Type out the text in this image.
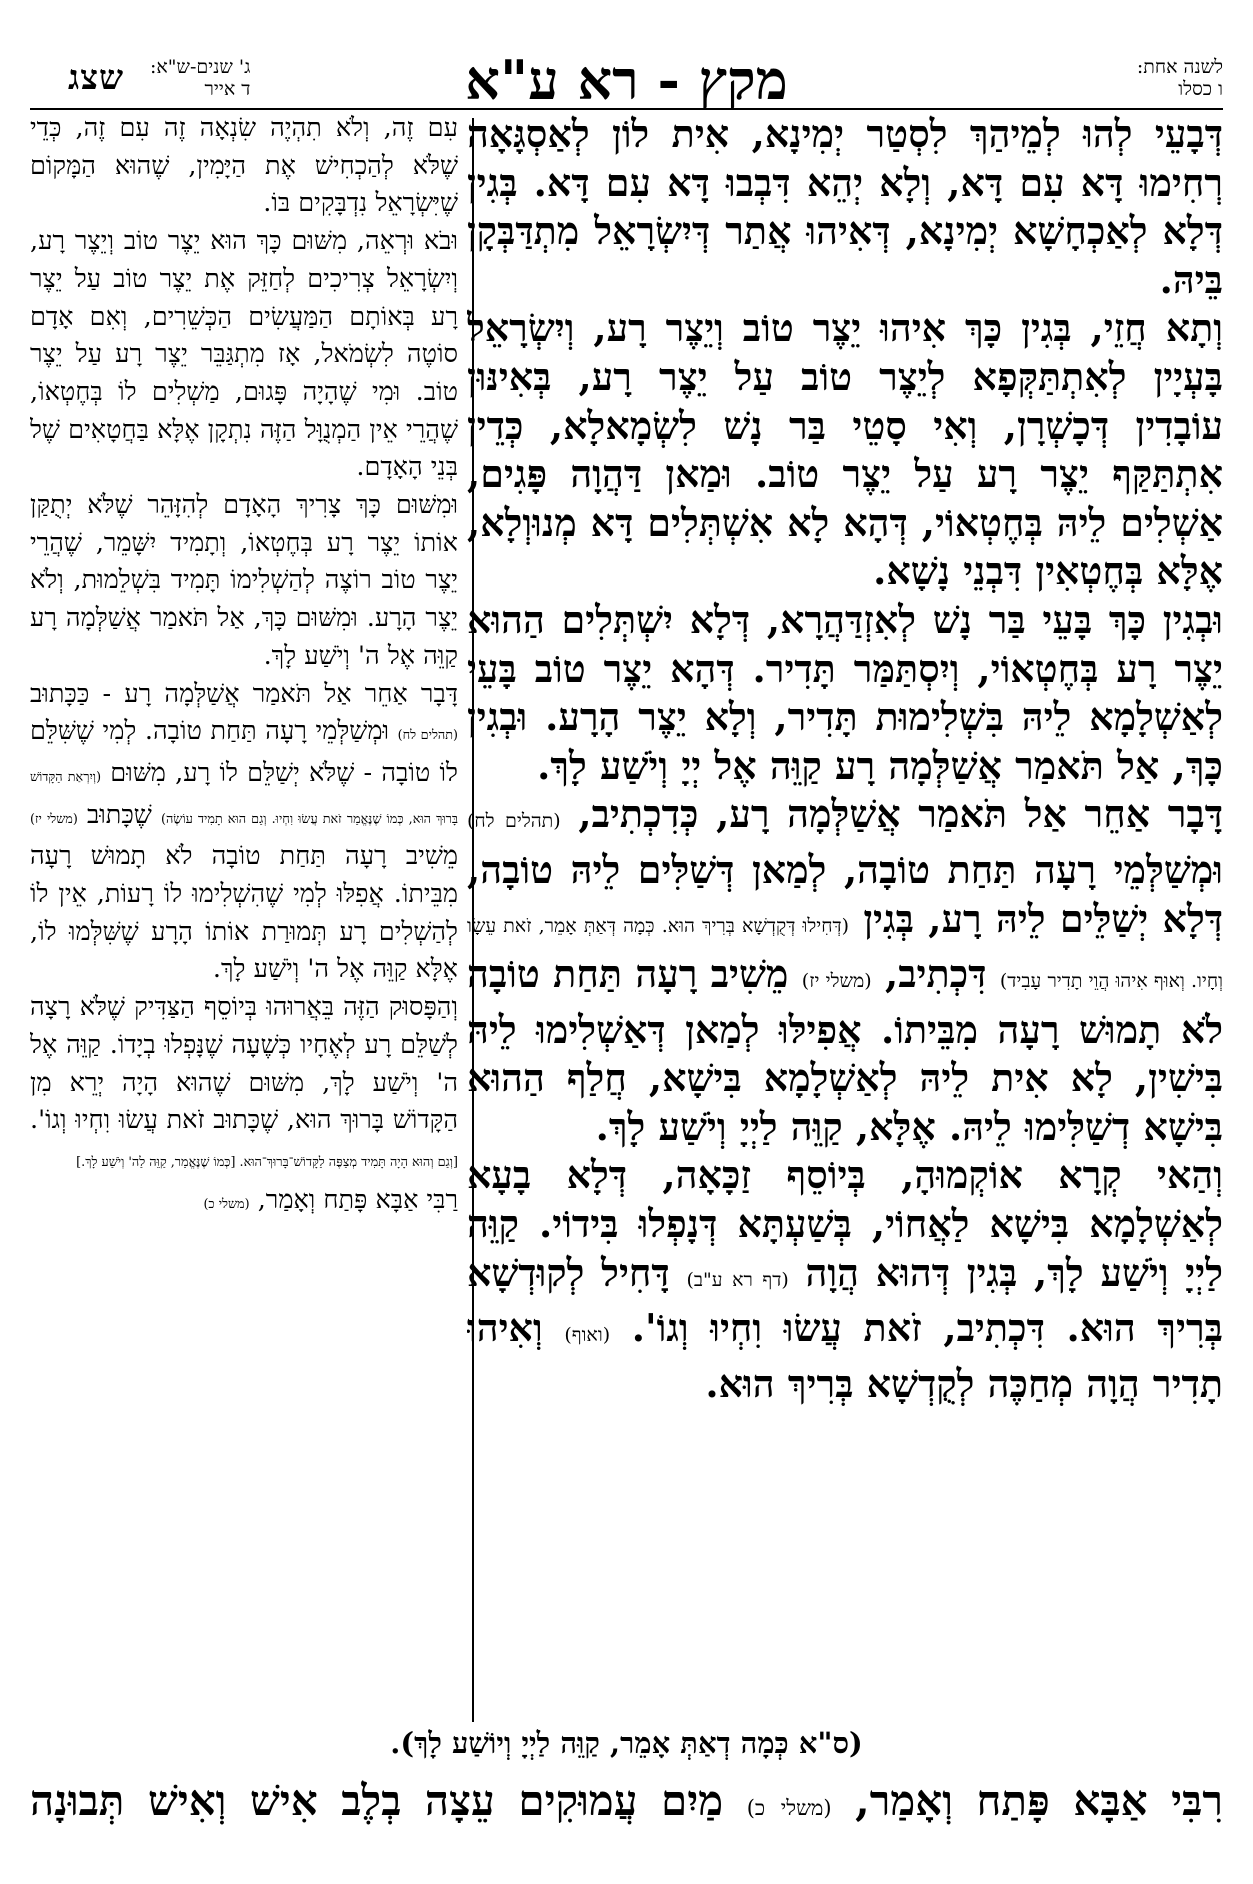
לשנה אחת:
ו כסלו
מקץ - רא ע"א
ג' שנים-ש"א:
ד אייר
שצג

דְּבָעֵי לְהוּ לְמֵיהַךְ לִסְטַר יְמִינָא, אִית לוֹן לְאַסְגָּאָה רְחִימוּ דָּא עִם דָּא, וְלָא יְהֵא דִּבְבוּ דָּא עִם דָּא. בְּגִין דְּלָא לְאַכְחָשָׁא יְמִינָא, דְּאִיהוּ אֲתַר דְּיִשְׂרָאֵל מִתְדַּבְּקָן בֵּיהּ.

וְתָא חֲזֵי, בְּגִין כָּךְ אִיהוּ יֵצֶר טוֹב וְיֵצֶר רָע, וְיִשְׂרָאֵל בָּעְיָין לְאִתְתַּקְּפָא לְיֵצֶר טוֹב עַל יֵצֶר רָע, בְּאִינּוּן עוֹבָדִין דְּכָשְׁרָן, וְאִי סָטֵי בַּר נָשׁ לִשְׂמָאלָא, כְּדֵין אִתְתַּקַּף יֵצֶר רָע עַל יֵצֶר טוֹב. וּמַאן דַּהֲוָה פָּגִים, אַשְׁלִים לֵיהּ בְּחֶטְאוֹי, דְּהָא לָא אִשְׁתְּלִים דָּא מְנוּוְלָא, אֶלָּא בְּחֶטְאִין דִּבְנֵי נָשָׁא.

וּבְגִין כָּךְ בָּעֵי בַּר נָשׁ לְאִזְדַּהֲרָא, דְּלָא יִשְׁתְּלִים הַהוּא יֵצֶר רָע בְּחֶטְאוֹי, וְיִסְתַּמַּר תָּדִיר. דְּהָא יֵצֶר טוֹב בָּעֵי לְאַשְׁלָמָא לֵיהּ בִּשְׁלִימוּת תָּדִיר, וְלָא יֵצֶר הָרָע. וּבְגִין כָּךְ, אַל תֹּאמַר אֲשַׁלְּמָה רָע קַוֵּה אֶל יְיָ וְיֹשַׁע לָךְ.

דָּבָר אַחֵר אַל תֹּאמַר אֲשַׁלְּמָה רָע, כְּדִכְתִיב, (תהלים לח) וּמְשַׁלְּמֵי רָעָה תַּחַת טוֹבָה, לְמַאן דְּשַׁלִּים לֵיהּ טוֹבָה, דְּלָא יְשַׁלֵּים לֵיהּ רָע, בְּגִין (דְּחִילוּ דְּקֻדְשָׁא בְּרִיךְ הוּא. כְּמָה דְּאַתְּ אָמֵר, זֹאת עֵשָׂו וְחָיו. וְאוּף אִיהוּ הֲוֵי תָדִיר עָבִיד) דִּכְתִיב, (משלי יז) מֵשִׁיב רָעָה תַּחַת טוֹבָה לֹא תָמוּשׁ רָעָה מִבֵּיתוֹ. אֲפִילּוּ לְמַאן דְּאַשְׁלִימוּ לֵיהּ בִּישִׁין, לָא אִית לֵיהּ לְאַשְׁלָמָא בִּישָׁא, חֲלַף הַהוּא בִּישָׁא דְשַׁלִּימוּ לֵיהּ. אֶלָּא, קַוֵּה לַיְיָ וְיֹשַׁע לָךְ.

וְהַאי קְרָא אוֹקְמוּהָ, בְּיוֹסֵף זַכָּאָה, דְּלָא בָעָא לְאַשְׁלָמָא בִּישָׁא לַאֲחוֹי, בְּשַׁעְתָּא דְּנָפְלוּ בִּידוֹי. קַוֵּה לַיְיָ וְיֹשַׁע לָךְ, בְּגִין דְּהוּא הֲוָה (דף רא ע"ב) דָּחִיל לְקוּדְשָׁא בְּרִיךְ הוּא. דִּכְתִיב, זֹאת עֲשׂוּ וִחְיוּ וְגוֹ'. (ואוף) וְאִיהוּ תָדִיר הֲוָה מְחַכֶּה לְקֻדְשָׁא בְּרִיךְ הוּא.

עִם זֶה, וְלֹא תִהְיֶה שִׂנְאָה זֶה עִם זֶה, כְּדֵי שֶׁלֹּא לְהַכְחִישׁ אֶת הַיָּמִין, שֶׁהוּא הַמָּקוֹם שֶׁיִּשְׂרָאֵל נִדְבָּקִים בּוֹ.

וּבֹא וּרְאֵה, מִשּׁוּם כָּךְ הוּא יֵצֶר טוֹב וְיֵצֶר רָע, וְיִשְׂרָאֵל צְרִיכִים לְחַזֵּק אֶת יֵצֶר טוֹב עַל יֵצֶר רָע בְּאוֹתָם הַמַּעֲשִׂים הַכְּשֵׁרִים, וְאִם אָדָם סוֹטֶה לִשְׂמֹאל, אָז מִתְגַּבֵּר יֵצֶר רָע עַל יֵצֶר טוֹב. וּמִי שֶׁהָיָה פָּגוּם, מַשְׁלִים לוֹ בְּחֶטְאוֹ, שֶׁהֲרֵי אֵין הַמְנֻוָּל הַזֶּה נִתְקָן אֶלָּא בַּחֲטָאִים שֶׁל בְּנֵי הָאָדָם.

וּמִשּׁוּם כָּךְ צָרִיךְ הָאָדָם לְהִזָּהֵר שֶׁלֹּא יְתֻקַּן אוֹתוֹ יֵצֶר רָע בְּחֶטְאוֹ, וְתָמִיד יִשָּׁמֵר, שֶׁהֲרֵי יֵצֶר טוֹב רוֹצֶה לְהַשְׁלִימוֹ תָּמִיד בִּשְׁלֵמוּת, וְלֹא יֵצֶר הָרָע. וּמִשּׁוּם כָּךְ, אַל תֹּאמַר אֲשַׁלְּמָה רָע קַוֵּה אֶל ה' וְיֹשַׁע לָךְ.

דָּבָר אַחֵר אַל תֹּאמַר אֲשַׁלְּמָה רָע - כַּכָּתוּב (תהלים לח) וּמְשַׁלְּמֵי רָעָה תַּחַת טוֹבָה. לְמִי שֶׁשִּׁלֵּם לוֹ טוֹבָה - שֶׁלֹּא יְשַׁלֵּם לוֹ רָע, מִשּׁוּם (וְיִרְאַת הַקָּדוֹשׁ בָּרוּךְ הוּא, כְּמוֹ שֶׁנֶּאֱמַר זֹאת עֲשׂוּ וִחְיוּ. וְגַם הוּא תָמִיד עוֹשֶׂה) שֶׁכָּתוּב (משלי יז) מֵשִׁיב רָעָה תַּחַת טוֹבָה לֹא תָמוּשׁ רָעָה מִבֵּיתוֹ. אֲפִלּוּ לְמִי שֶׁהִשְׁלִימוּ לוֹ רָעוֹת, אֵין לוֹ לְהַשְׁלִים רָע תְּמוּרַת אוֹתוֹ הָרָע שֶׁשִּׁלְּמוּ לוֹ, אֶלָּא קַוֵּה אֶל ה' וְיֹשַׁע לָךְ.

וְהַפָּסוּק הַזֶּה בֵּאֲרוּהוּ בְּיוֹסֵף הַצַּדִּיק שֶׁלֹּא רָצָה לְשַׁלֵּם רָע לְאֶחָיו כְּשֶׁעָה שֶׁנָּפְלוּ בְיָדוֹ. קַוֵּה אֶל ה' וְיֹשַׁע לָךְ, מִשּׁוּם שֶׁהוּא הָיָה יְרֵא מִן הַקָּדוֹשׁ בָּרוּךְ הוּא, שֶׁכָּתוּב זֹאת עֲשׂוּ וִחְיוּ וְגוֹ'. [וְגַם וְהוּא הָיָה תָּמִיד מְצַפֶּה לַקָּדוֹשׁ־בָּרוּךְ־הוּא. [כְּמוֹ שֶׁנֶּאֱמַר, קַוֵּה לַה' וְיֹשַׁע לָךְ.]

רַבִּי אַבָּא פָּתַח וְאָמַר, (משלי כ)

(ס"א כְּמָה דְאַתְּ אָמֵר, קַוֵּה לַיְיָ וְיוֹשַׁע לָךְ).
רִבִּי אַבָּא פָּתַח וְאָמַר, (משלי כ) מַיִם עֲמוּקִים עֵצָה בְלֶב אִישׁ וְאִישׁ תְּבוּנָה
